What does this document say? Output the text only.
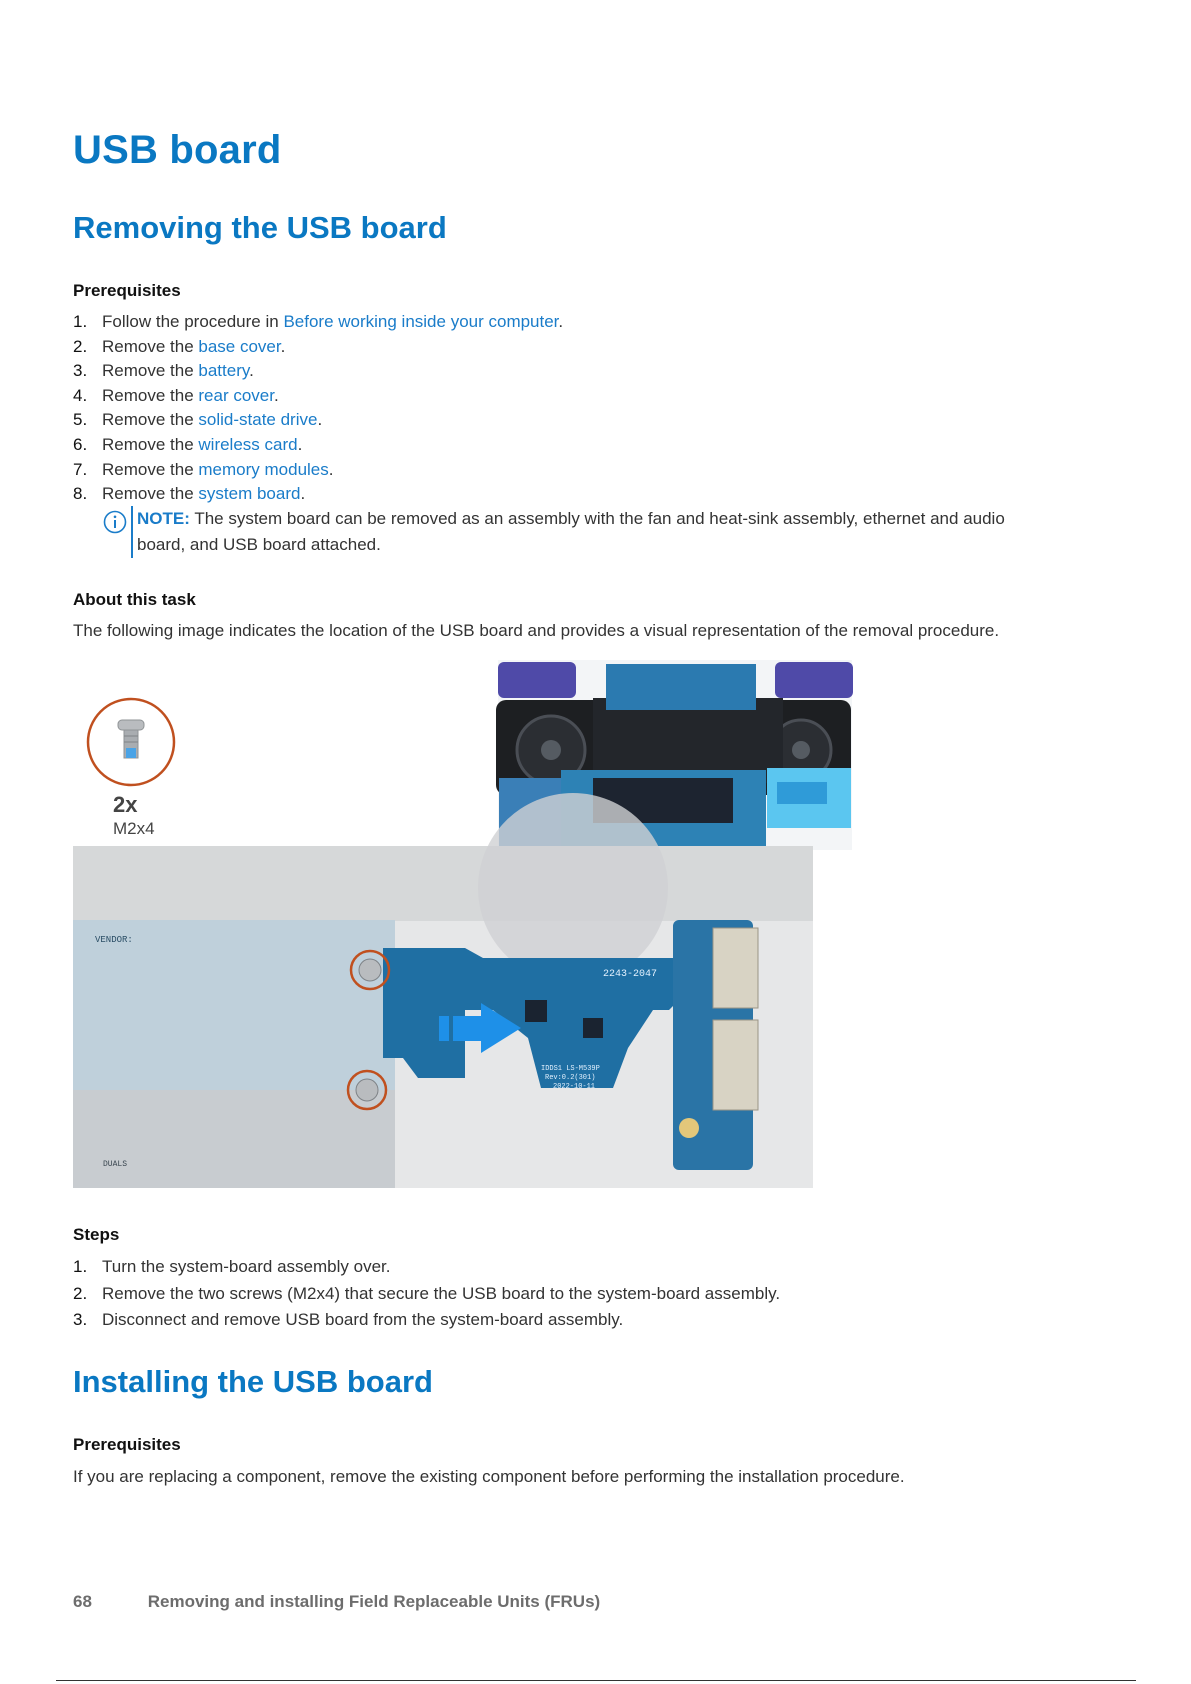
USB board
Removing the USB board
Prerequisites
1. Follow the procedure in Before working inside your computer.
2. Remove the base cover.
3. Remove the battery.
4. Remove the rear cover.
5. Remove the solid-state drive.
6. Remove the wireless card.
7. Remove the memory modules.
8. Remove the system board.
NOTE: The system board can be removed as an assembly with the fan and heat-sink assembly, ethernet and audio
board, and USB board attached.
About this task

The following image indicates the location of the USB board and provides a visual representation of the removal procedure.

2x
M2x4
VENDOR:
2243-2047
IDDS1 LS-M539P
Rev:0.2(301)
2022-10-11
DUALS
Steps
1. Turn the system-board assembly over.
2. Remove the two screws (M2x4) that secure the USB board to the system-board assembly.
3. Disconnect and remove USB board from the system-board assembly.
Installing the USB board
Prerequisites

If you are replacing a component, remove the existing component before performing the installation procedure.

68	Removing and installing Field Replaceable Units (FRUs)
